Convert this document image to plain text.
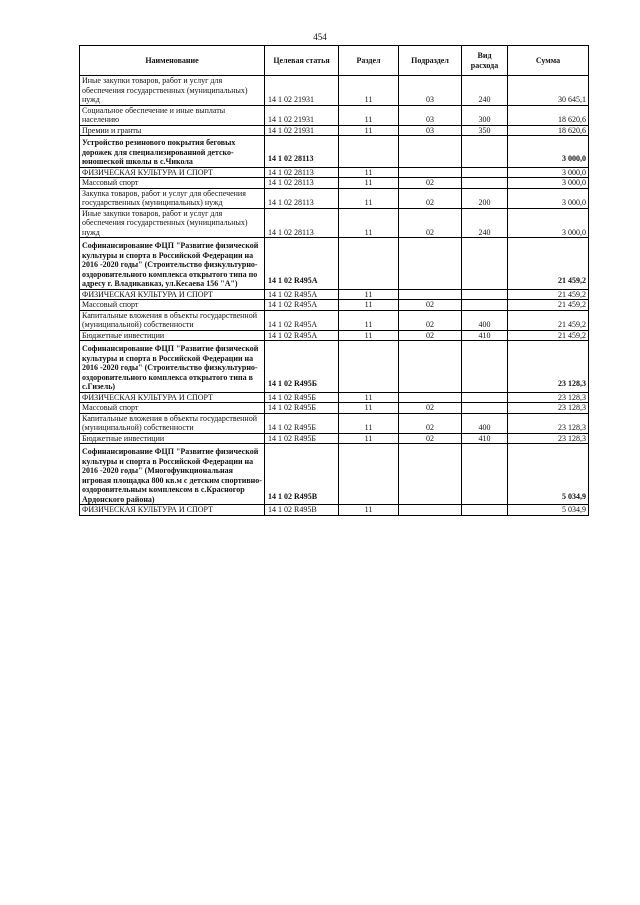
454
Наименование	Целевая статья	Раздел	Подраздел	Вид расхода	Сумма
Иные закупки товаров, работ и услуг для обеспечения государственных (муниципальных) нужд	14 1 02 21931	11	03	240	30 645,1
Социальное обеспечение и иные выплаты населению	14 1 02 21931	11	03	300	18 620,6
Премии и гранты	14 1 02 21931	11	03	350	18 620,6
Устройство резинового покрытия беговых дорожек для специализированной детско-юношеской школы в с.Чикола	14 1 02 28113				3 000,0
ФИЗИЧЕСКАЯ КУЛЬТУРА И СПОРТ	14 1 02 28113	11			3 000,0
Массовый спорт	14 1 02 28113	11	02		3 000,0
Закупка товаров, работ и услуг для обеспечения государственных (муниципальных) нужд	14 1 02 28113	11	02	200	3 000,0
Иные закупки товаров, работ и услуг для обеспечения государственных (муниципальных) нужд	14 1 02 28113	11	02	240	3 000,0
Софинансирование ФЦП "Развитие физической культуры и спорта в Российской Федерации на 2016 -2020 годы" (Строительство физкультурно-оздоровительного комплекса открытого типа по адресу г. Владикавказ, ул.Кесаева 156 "А")	14 1 02 R495А				21 459,2
ФИЗИЧЕСКАЯ КУЛЬТУРА И СПОРТ	14 1 02 R495А	11			21 459,2
Массовый спорт	14 1 02 R495А	11	02		21 459,2
Капитальные вложения в объекты государственной (муниципальной) собственности	14 1 02 R495А	11	02	400	21 459,2
Бюджетные инвестиции	14 1 02 R495А	11	02	410	21 459,2
Софинансирование ФЦП "Развитие физической культуры и спорта в Российской Федерации на 2016 -2020 годы" (Строительство физкультурно-оздоровительного комплекса открытого типа в с.Гизель)	14 1 02 R495Б				23 128,3
ФИЗИЧЕСКАЯ КУЛЬТУРА И СПОРТ	14 1 02 R495Б	11			23 128,3
Массовый спорт	14 1 02 R495Б	11	02		23 128,3
Капитальные вложения в объекты государственной (муниципальной) собственности	14 1 02 R495Б	11	02	400	23 128,3
Бюджетные инвестиции	14 1 02 R495Б	11	02	410	23 128,3
Софинансирование ФЦП "Развитие физической культуры и спорта в Российской Федерации на 2016 -2020 годы" (Многофункциональная игровая площадка 800 кв.м с детским спортивно-оздоровительным комплексом в с.Красногор Ардонского района)	14 1 02 R495В				5 034,9
ФИЗИЧЕСКАЯ КУЛЬТУРА И СПОРТ	14 1 02 R495В	11			5 034,9
